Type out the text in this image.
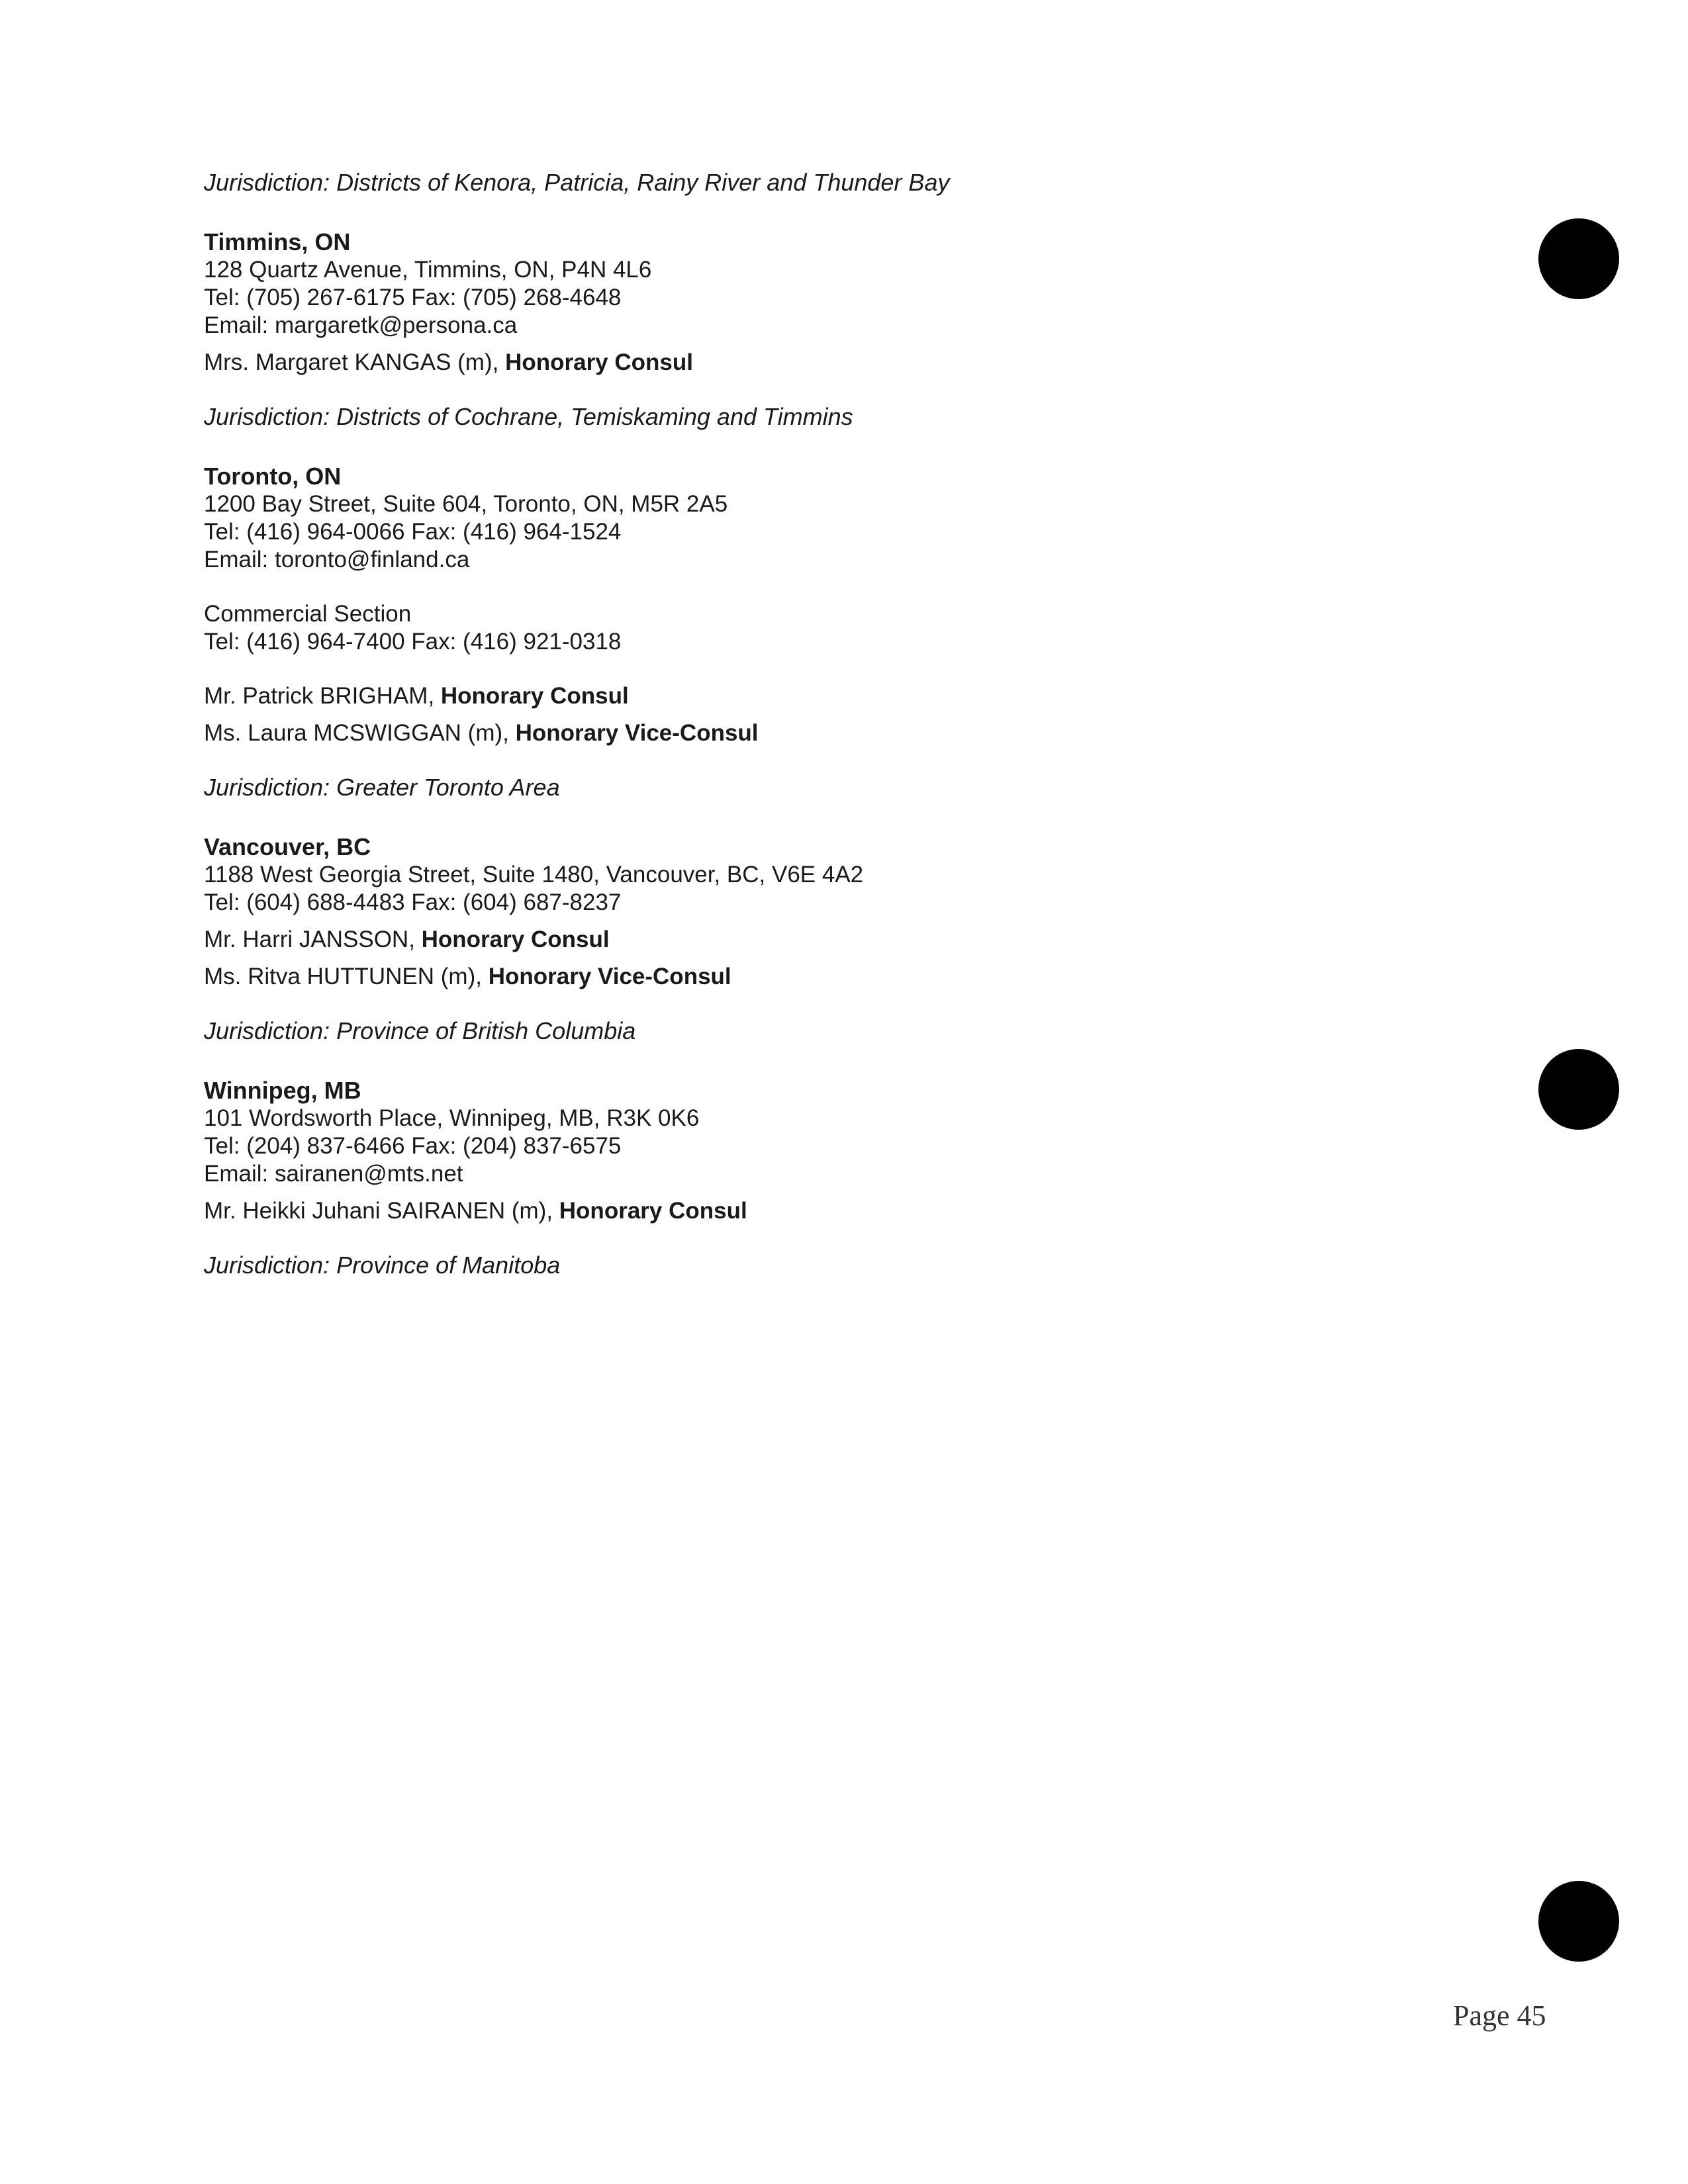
Jurisdiction: Districts of Kenora, Patricia, Rainy River and Thunder Bay
Timmins, ON
128 Quartz Avenue, Timmins, ON, P4N 4L6
Tel: (705) 267-6175 Fax: (705) 268-4648
Email: margaretk@persona.ca
Mrs. Margaret KANGAS (m), Honorary Consul
Jurisdiction: Districts of Cochrane, Temiskaming and Timmins
Toronto, ON
1200 Bay Street, Suite 604, Toronto, ON, M5R 2A5
Tel: (416) 964-0066 Fax: (416) 964-1524
Email: toronto@finland.ca
Commercial Section
Tel: (416) 964-7400 Fax: (416) 921-0318
Mr. Patrick BRIGHAM, Honorary Consul
Ms. Laura MCSWIGGAN (m), Honorary Vice-Consul
Jurisdiction: Greater Toronto Area
Vancouver, BC
1188 West Georgia Street, Suite 1480, Vancouver, BC, V6E 4A2
Tel: (604) 688-4483 Fax: (604) 687-8237
Mr. Harri JANSSON, Honorary Consul
Ms. Ritva HUTTUNEN (m), Honorary Vice-Consul
Jurisdiction: Province of British Columbia
Winnipeg, MB
101 Wordsworth Place, Winnipeg, MB, R3K 0K6
Tel: (204) 837-6466 Fax: (204) 837-6575
Email: sairanen@mts.net
Mr. Heikki Juhani SAIRANEN (m), Honorary Consul
Jurisdiction: Province of Manitoba
Page 45
